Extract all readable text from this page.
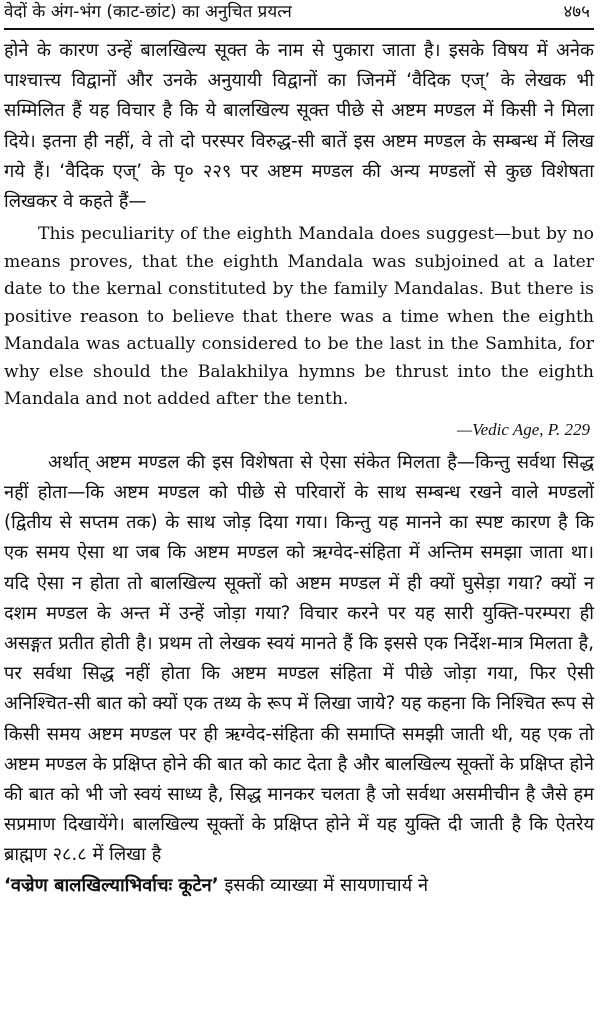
वेदों के अंग-भंग (काट-छांट) का अनुचित प्रयत्न	४७५

होने के कारण उन्हें बालखिल्य सूक्त के नाम से पुकारा जाता है। इसके विषय में अनेक पाश्चात्त्य विद्वानों और उनके अनुयायी विद्वानों का जिनमें ‘वैदिक एज्’ के लेखक भी सम्मिलित हैं यह विचार है कि ये बालखिल्य सूक्त पीछे से अष्टम मण्डल में किसी ने मिला दिये। इतना ही नहीं, वे तो दो परस्पर विरुद्ध-सी बातें इस अष्टम मण्डल के सम्बन्ध में लिख गये हैं। ‘वैदिक एज्’ के पृ० २२९ पर अष्टम मण्डल की अन्य मण्डलों से कुछ विशेषता लिखकर वे कहते हैं—

This peculiarity of the eighth Mandala does suggest—but by no means proves, that the eighth Mandala was subjoined at a later date to the kernal constituted by the family Mandalas. But there is positive reason to believe that there was a time when the eighth Mandala was actually considered to be the last in the Samhita, for why else should the Balakhilya hymns be thrust into the eighth Mandala and not added after the tenth.

—Vedic Age, P. 229

अर्थात् अष्टम मण्डल की इस विशेषता से ऐसा संकेत मिलता है—किन्तु सर्वथा सिद्ध नहीं होता—कि अष्टम मण्डल को पीछे से परिवारों के साथ सम्बन्ध रखने वाले मण्डलों (द्वितीय से सप्तम तक) के साथ जोड़ दिया गया। किन्तु यह मानने का स्पष्ट कारण है कि एक समय ऐसा था जब कि अष्टम मण्डल को ऋग्वेद-संहिता में अन्तिम समझा जाता था। यदि ऐसा न होता तो बालखिल्य सूक्तों को अष्टम मण्डल में ही क्यों घुसेड़ा गया? क्यों न दशम मण्डल के अन्त में उन्हें जोड़ा गया? विचार करने पर यह सारी युक्ति-परम्परा ही असङ्गत प्रतीत होती है। प्रथम तो लेखक स्वयं मानते हैं कि इससे एक निर्देश-मात्र मिलता है, पर सर्वथा सिद्ध नहीं होता कि अष्टम मण्डल संहिता में पीछे जोड़ा गया, फिर ऐसी अनिश्चित-सी बात को क्यों एक तथ्य के रूप में लिखा जाये? यह कहना कि निश्चित रूप से किसी समय अष्टम मण्डल पर ही ऋग्वेद-संहिता की समाप्ति समझी जाती थी, यह एक तो अष्टम मण्डल के प्रक्षिप्त होने की बात को काट देता है और बालखिल्य सूक्तों के प्रक्षिप्त होने की बात को भी जो स्वयं साध्य है, सिद्ध मानकर चलता है जो सर्वथा असमीचीन है जैसे हम सप्रमाण दिखायेंगे। बालखिल्य सूक्तों के प्रक्षिप्त होने में यह युक्ति दी जाती है कि ऐतरेय ब्राह्मण २८.८ में लिखा है
‘वज्रेण बालखिल्याभिर्वाचः कूटेन’ इसकी व्याख्या में सायणाचार्य ने
